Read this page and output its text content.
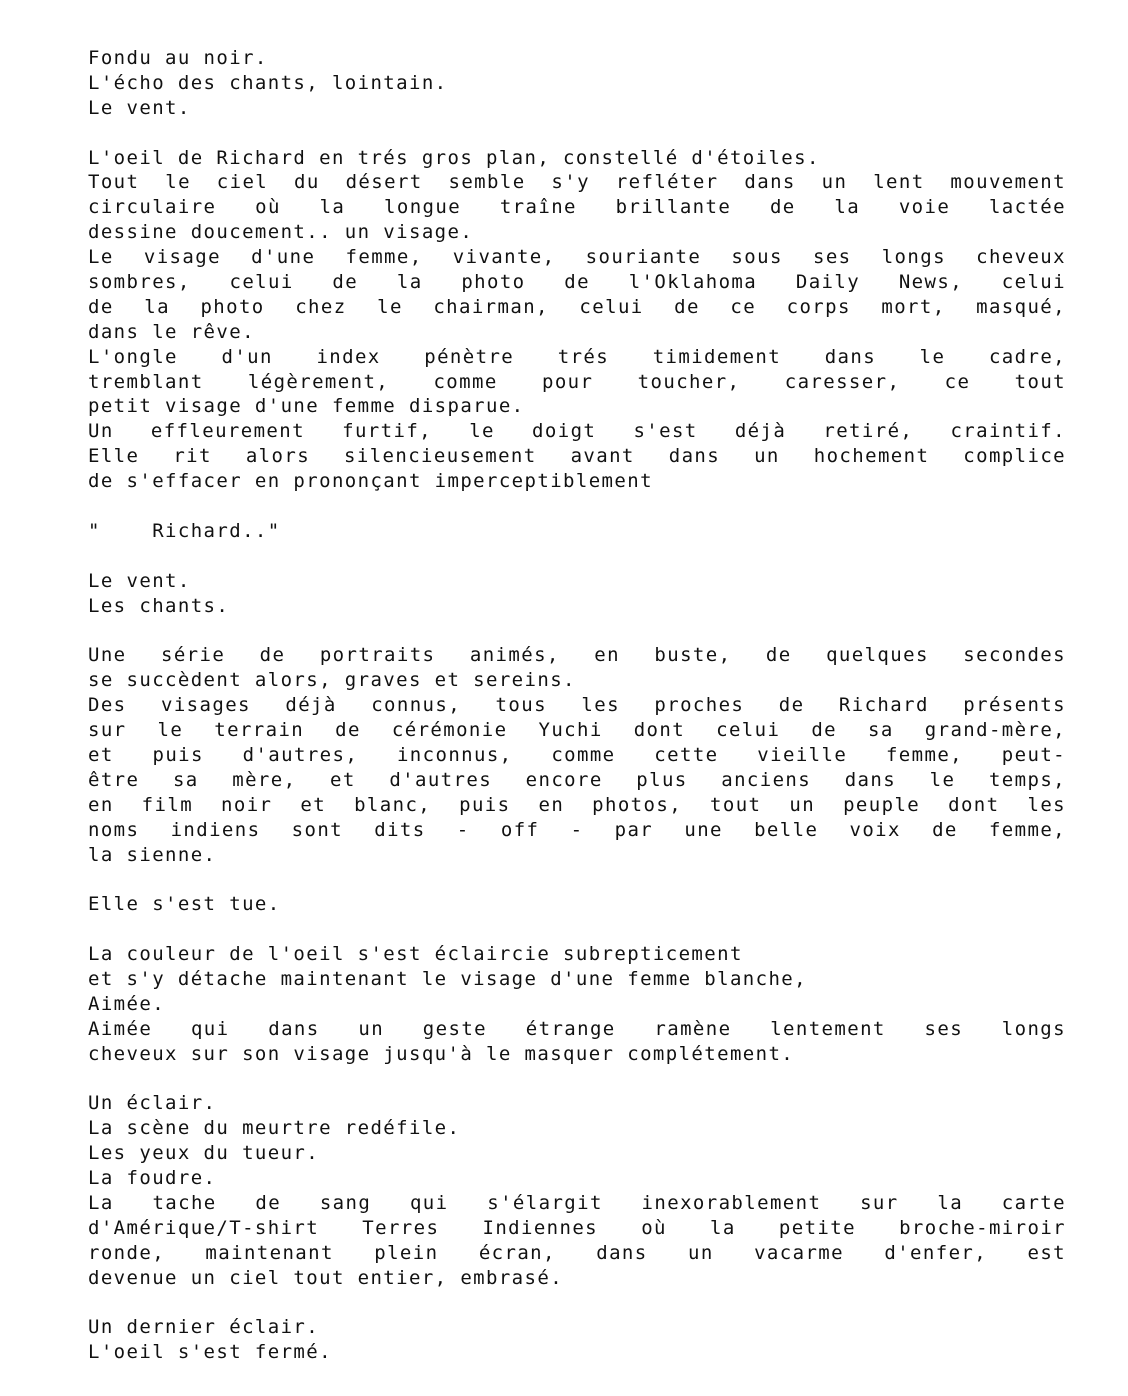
Fondu au noir.
L'écho des chants, lointain.
Le vent.
L'oeil de Richard en trés gros plan, constellé d'étoiles.
Tout le ciel du désert semble s'y refléter dans un lent mouvement
circulaire où la longue traîne brillante de la voie lactée
dessine doucement.. un visage.
Le visage d'une femme, vivante, souriante sous ses longs cheveux
sombres, celui de la photo de l'Oklahoma Daily News, celui
de la photo chez le chairman, celui de ce corps mort, masqué,
dans le rêve.
L'ongle d'un index pénètre trés timidement dans le cadre,
tremblant légèrement, comme pour toucher, caresser, ce tout
petit visage d'une femme disparue.
Un effleurement furtif, le doigt s'est déjà retiré, craintif.
Elle rit alors silencieusement avant dans un hochement complice
de s'effacer en prononçant imperceptiblement
"    Richard.."
Le vent.
Les chants.
Une série de portraits animés, en buste, de quelques secondes
se succèdent alors, graves et sereins.
Des visages déjà connus, tous les proches de Richard présents
sur le terrain de cérémonie Yuchi dont celui de sa grand-mère,
et puis d'autres, inconnus, comme cette vieille femme, peut-
être sa mère, et d'autres encore plus anciens dans le temps,
en film noir et blanc, puis en photos, tout un peuple dont les
noms indiens sont dits - off - par une belle voix de femme,
la sienne.
Elle s'est tue.
La couleur de l'oeil s'est éclaircie subrepticement
et s'y détache maintenant le visage d'une femme blanche,
Aimée.
Aimée qui dans un geste étrange ramène lentement ses longs
cheveux sur son visage jusqu'à le masquer complétement.
Un éclair.
La scène du meurtre redéfile.
Les yeux du tueur.
La foudre.
La tache de sang qui s'élargit inexorablement sur la carte
d'Amérique/T-shirt Terres Indiennes où la petite broche-miroir
ronde, maintenant plein écran, dans un vacarme d'enfer, est
devenue un ciel tout entier, embrasé.
Un dernier éclair.
L'oeil s'est fermé.
